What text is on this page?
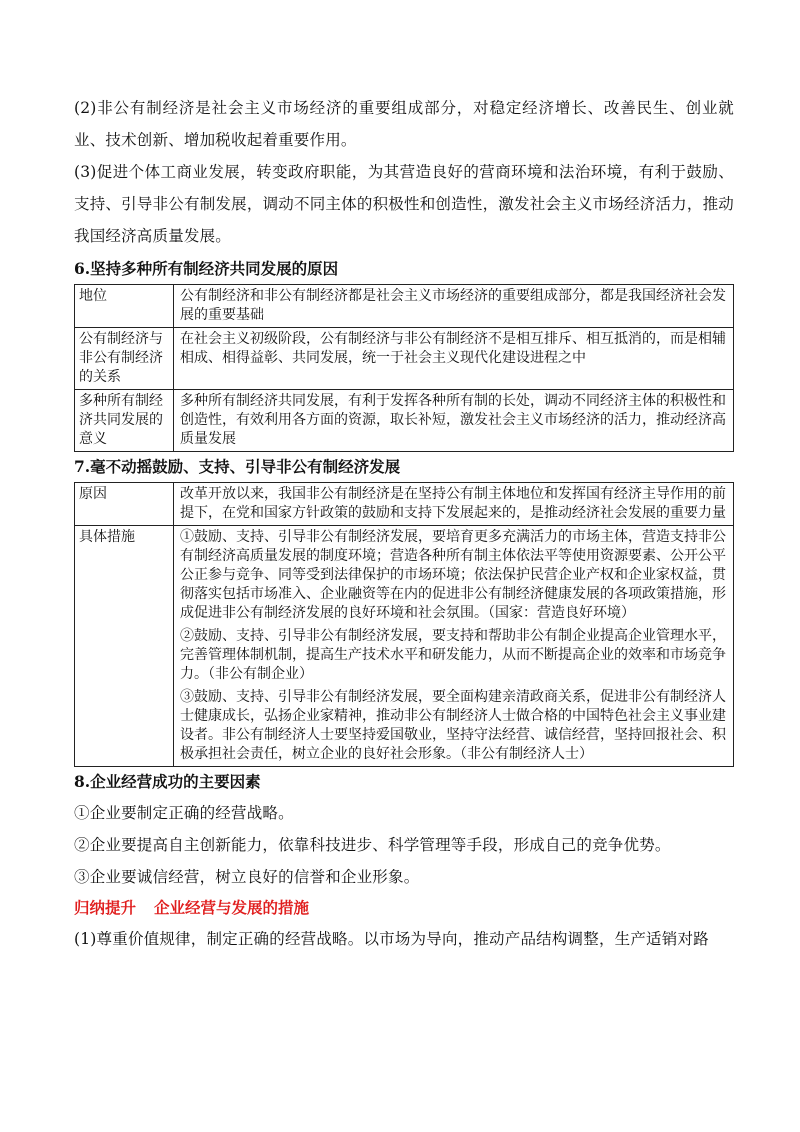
(2)非公有制经济是社会主义市场经济的重要组成部分，对稳定经济增长、改善民生、创业就业、技术创新、增加税收起着重要作用。

(3)促进个体工商业发展，转变政府职能，为其营造良好的营商环境和法治环境，有利于鼓励、支持、引导非公有制发展，调动不同主体的积极性和创造性，激发社会主义市场经济活力，推动我国经济高质量发展。

6.坚持多种所有制经济共同发展的原因

地位	公有制经济和非公有制经济都是社会主义市场经济的重要组成部分，都是我国经济社会发展的重要基础
公有制经济与非公有制经济的关系	在社会主义初级阶段，公有制经济与非公有制经济不是相互排斥、相互抵消的，而是相辅相成、相得益彰、共同发展，统一于社会主义现代化建设进程之中
多种所有制经济共同发展的意义	多种所有制经济共同发展，有利于发挥各种所有制的长处，调动不同经济主体的积极性和创造性，有效利用各方面的资源，取长补短，激发社会主义市场经济的活力，推动经济高质量发展

7.毫不动摇鼓励、支持、引导非公有制经济发展

原因	改革开放以来，我国非公有制经济是在坚持公有制主体地位和发挥国有经济主导作用的前提下，在党和国家方针政策的鼓励和支持下发展起来的，是推动经济社会发展的重要力量
具体措施	①鼓励、支持、引导非公有制经济发展，要培育更多充满活力的市场主体，营造支持非公有制经济高质量发展的制度环境；营造各种所有制主体依法平等使用资源要素、公开公平公正参与竞争、同等受到法律保护的市场环境；依法保护民营企业产权和企业家权益，贯彻落实包括市场准入、企业融资等在内的促进非公有制经济健康发展的各项政策措施，形成促进非公有制经济发展的良好环境和社会氛围。（国家：营造良好环境）
②鼓励、支持、引导非公有制经济发展，要支持和帮助非公有制企业提高企业管理水平，完善管理体制机制，提高生产技术水平和研发能力，从而不断提高企业的效率和市场竞争力。（非公有制企业）
③鼓励、支持、引导非公有制经济发展，要全面构建亲清政商关系，促进非公有制经济人士健康成长，弘扬企业家精神，推动非公有制经济人士做合格的中国特色社会主义事业建设者。非公有制经济人士要坚持爱国敬业，坚持守法经营、诚信经营，坚持回报社会、积极承担社会责任，树立企业的良好社会形象。（非公有制经济人士）

8.企业经营成功的主要因素

①企业要制定正确的经营战略。

②企业要提高自主创新能力，依靠科技进步、科学管理等手段，形成自己的竞争优势。

③企业要诚信经营，树立良好的信誉和企业形象。

归纳提升 企业经营与发展的措施

(1)尊重价值规律，制定正确的经营战略。以市场为导向，推动产品结构调整，生产适销对路
